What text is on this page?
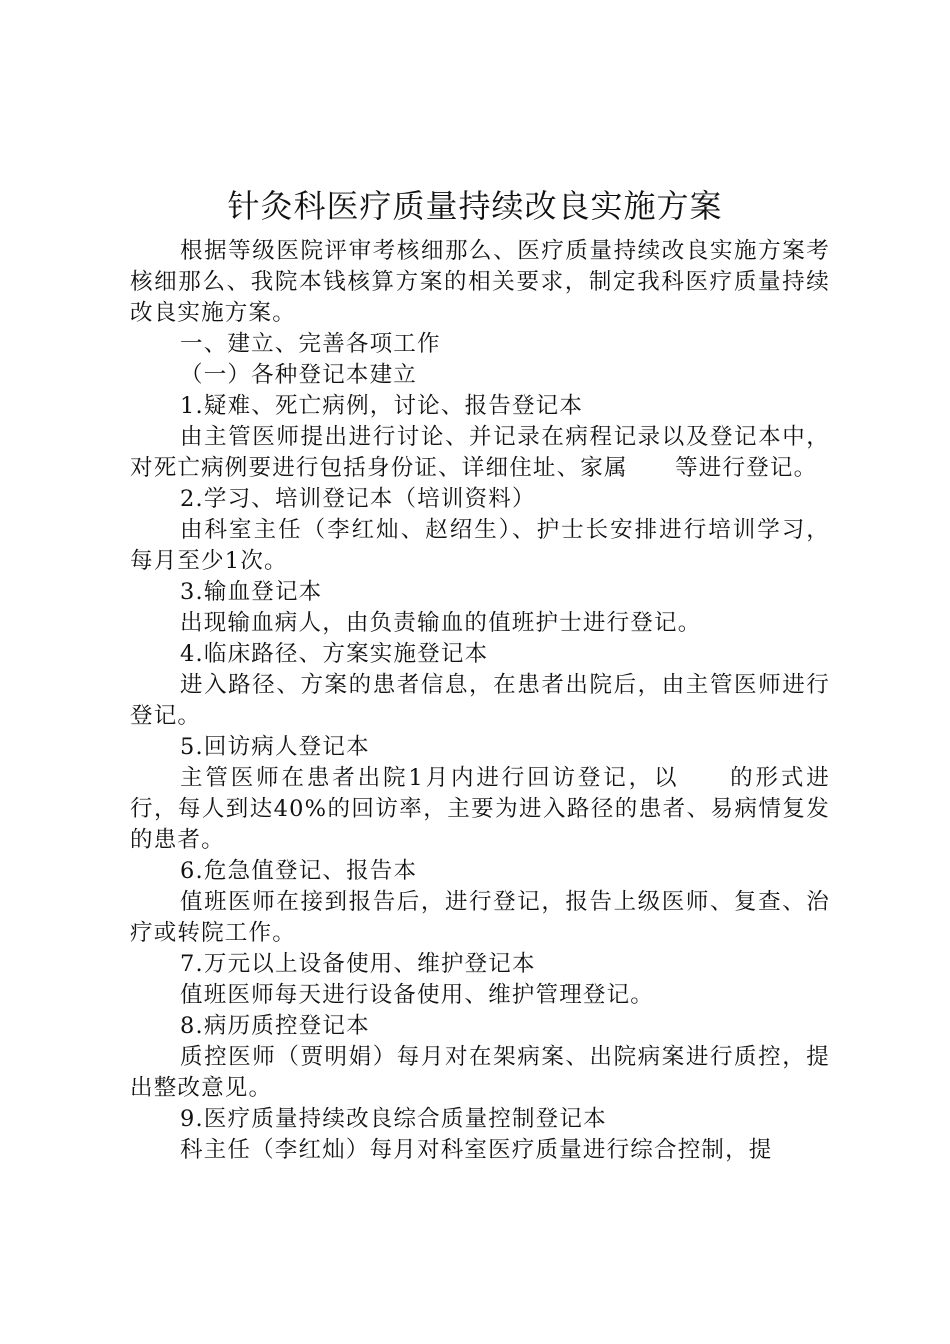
针灸科医疗质量持续改良实施方案

根据等级医院评审考核细那么、医疗质量持续改良实施方案考核细那么、我院本钱核算方案的相关要求，制定我科医疗质量持续改良实施方案。

一、建立、完善各项工作

（一）各种登记本建立

1.疑难、死亡病例，讨论、报告登记本

由主管医师提出进行讨论、并记录在病程记录以及登记本中，对死亡病例要进行包括身份证、详细住址、家属　　等进行登记。

2.学习、培训登记本（培训资料）

由科室主任（李红灿、赵绍生）、护士长安排进行培训学习，每月至少1次。

3.输血登记本

出现输血病人，由负责输血的值班护士进行登记。

4.临床路径、方案实施登记本

进入路径、方案的患者信息，在患者出院后，由主管医师进行登记。

5.回访病人登记本

主管医师在患者出院1月内进行回访登记，以　　的形式进行，每人到达40%的回访率，主要为进入路径的患者、易病情复发的患者。

6.危急值登记、报告本

值班医师在接到报告后，进行登记，报告上级医师、复查、治疗或转院工作。

7.万元以上设备使用、维护登记本

值班医师每天进行设备使用、维护管理登记。

8.病历质控登记本

质控医师（贾明娟）每月对在架病案、出院病案进行质控，提出整改意见。

9.医疗质量持续改良综合质量控制登记本

科主任（李红灿）每月对科室医疗质量进行综合控制，提
